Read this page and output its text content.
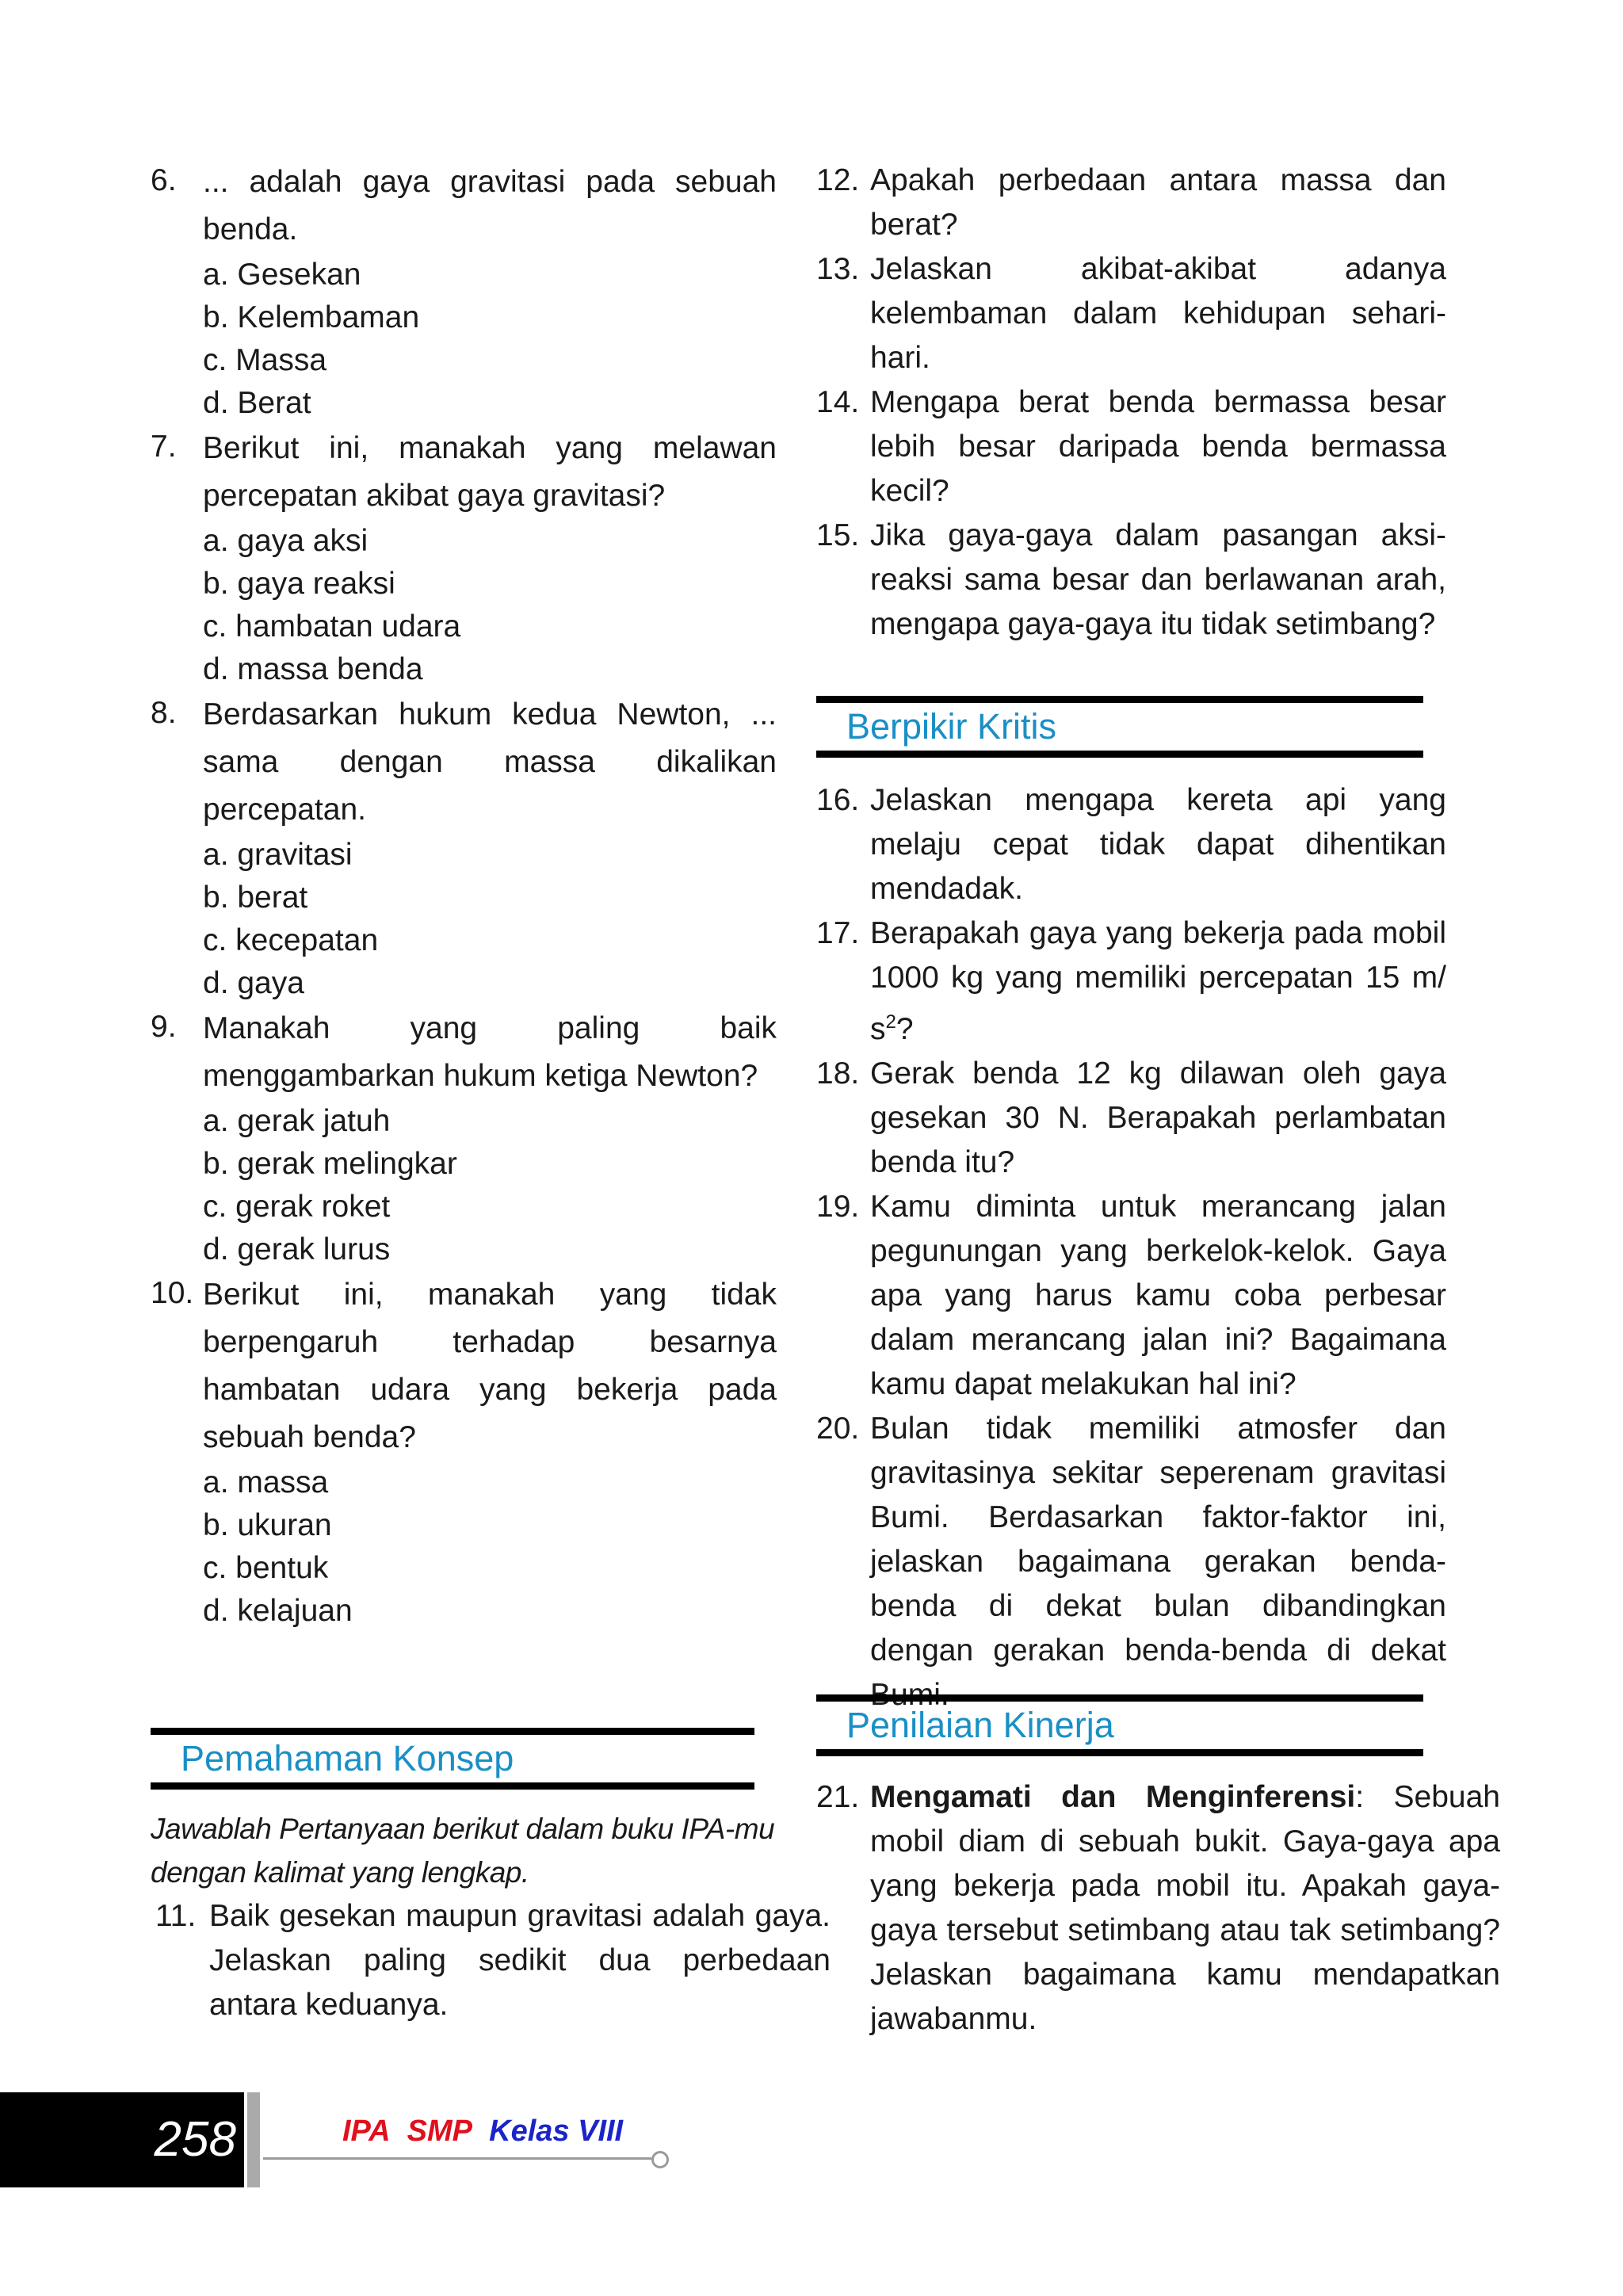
6. ... adalah gaya gravitasi pada sebuah benda.

a. Gesekan
b. Kelembaman
c. Massa
d. Berat
7. Berikut ini, manakah yang melawan percepatan akibat gaya gravitasi?

a. gaya aksi
b. gaya reaksi
c. hambatan udara
d. massa benda
8. Berdasarkan hukum kedua Newton, ... sama dengan massa dikalikan percepatan.

a. gravitasi
b. berat
c. kecepatan
d. gaya
9. Manakah yang paling baik menggambarkan hukum ketiga Newton?

a. gerak jatuh
b. gerak melingkar
c. gerak roket
d. gerak lurus
10. Berikut ini, manakah yang tidak berpengaruh terhadap besarnya hambatan udara yang bekerja pada sebuah benda?

a. massa
b. ukuran
c. bentuk
d. kelajuan
Pemahaman Konsep
Jawablah Pertanyaan berikut dalam buku IPA-mu
dengan kalimat yang lengkap.
11. Baik gesekan maupun gravitasi adalah gaya. Jelaskan paling sedikit dua perbedaan antara keduanya.

12. Apakah perbedaan antara massa dan berat?

13. Jelaskan akibat-akibat adanya kelembaman dalam kehidupan sehari-hari.

14. Mengapa berat benda bermassa besar lebih besar daripada benda bermassa kecil?

15. Jika gaya-gaya dalam pasangan aksi-reaksi sama besar dan berlawanan arah, mengapa gaya-gaya itu tidak setimbang?

Berpikir Kritis
16. Jelaskan mengapa kereta api yang melaju cepat tidak dapat dihentikan mendadak.

17. Berapakah gaya yang bekerja pada mobil 1000 kg yang memiliki percepatan 15 m/ $s^2$?

18. Gerak benda 12 kg dilawan oleh gaya gesekan 30 N. Berapakah perlambatan benda itu?

19. Kamu diminta untuk merancang jalan pegunungan yang berkelok-kelok. Gaya apa yang harus kamu coba perbesar dalam merancang jalan ini? Bagaimana kamu dapat melakukan hal ini?

20. Bulan tidak memiliki atmosfer dan gravitasinya sekitar seperenam gravitasi Bumi. Berdasarkan faktor-faktor ini, jelaskan bagaimana gerakan benda-benda di dekat bulan dibandingkan dengan gerakan benda-benda di dekat

Penilaian Kinerja
21. Mengamati dan Menginferensi: Sebuah mobil diam di sebuah bukit. Gaya-gaya apa yang bekerja pada mobil itu. Apakah gaya-gaya tersebut setimbang atau tak setimbang? Jelaskan bagaimana kamu mendapatkan jawabanmu.

258	IPA SMP Kelas VIII
